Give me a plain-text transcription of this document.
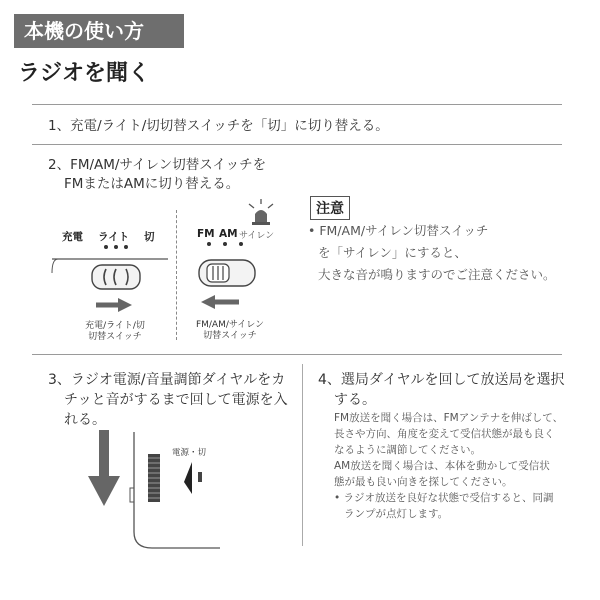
本機の使い方
ラジオを聞く
1、充電/ライト/切切替スイッチを「切」に切り替える。
2、FM/AM/サイレン切替スイッチを
FMまたはAMに切り替える。
充電 ライト 切
充電/ライト/切
切替スイッチ
FM AM サイレン
FM/AM/サイレン
切替スイッチ
注意
• FM/AM/サイレン切替スイッチ
を「サイレン」にすると、
大きな音が鳴りますのでご注意ください。
3、ラジオ電源/音量調節ダイヤルをカ
チッと音がするまで回して電源を入
れる。
電源・切
4、選局ダイヤルを回して放送局を選択
する。
FM放送を聞く場合は、FMアンテナを伸ばして、
長さや方向、角度を変えて受信状態が最も良く
なるように調節してください。
AM放送を聞く場合は、本体を動かして受信状
態が最も良い向きを探してください。
• ラジオ放送を良好な状態で受信すると、同調
ランプが点灯します。
